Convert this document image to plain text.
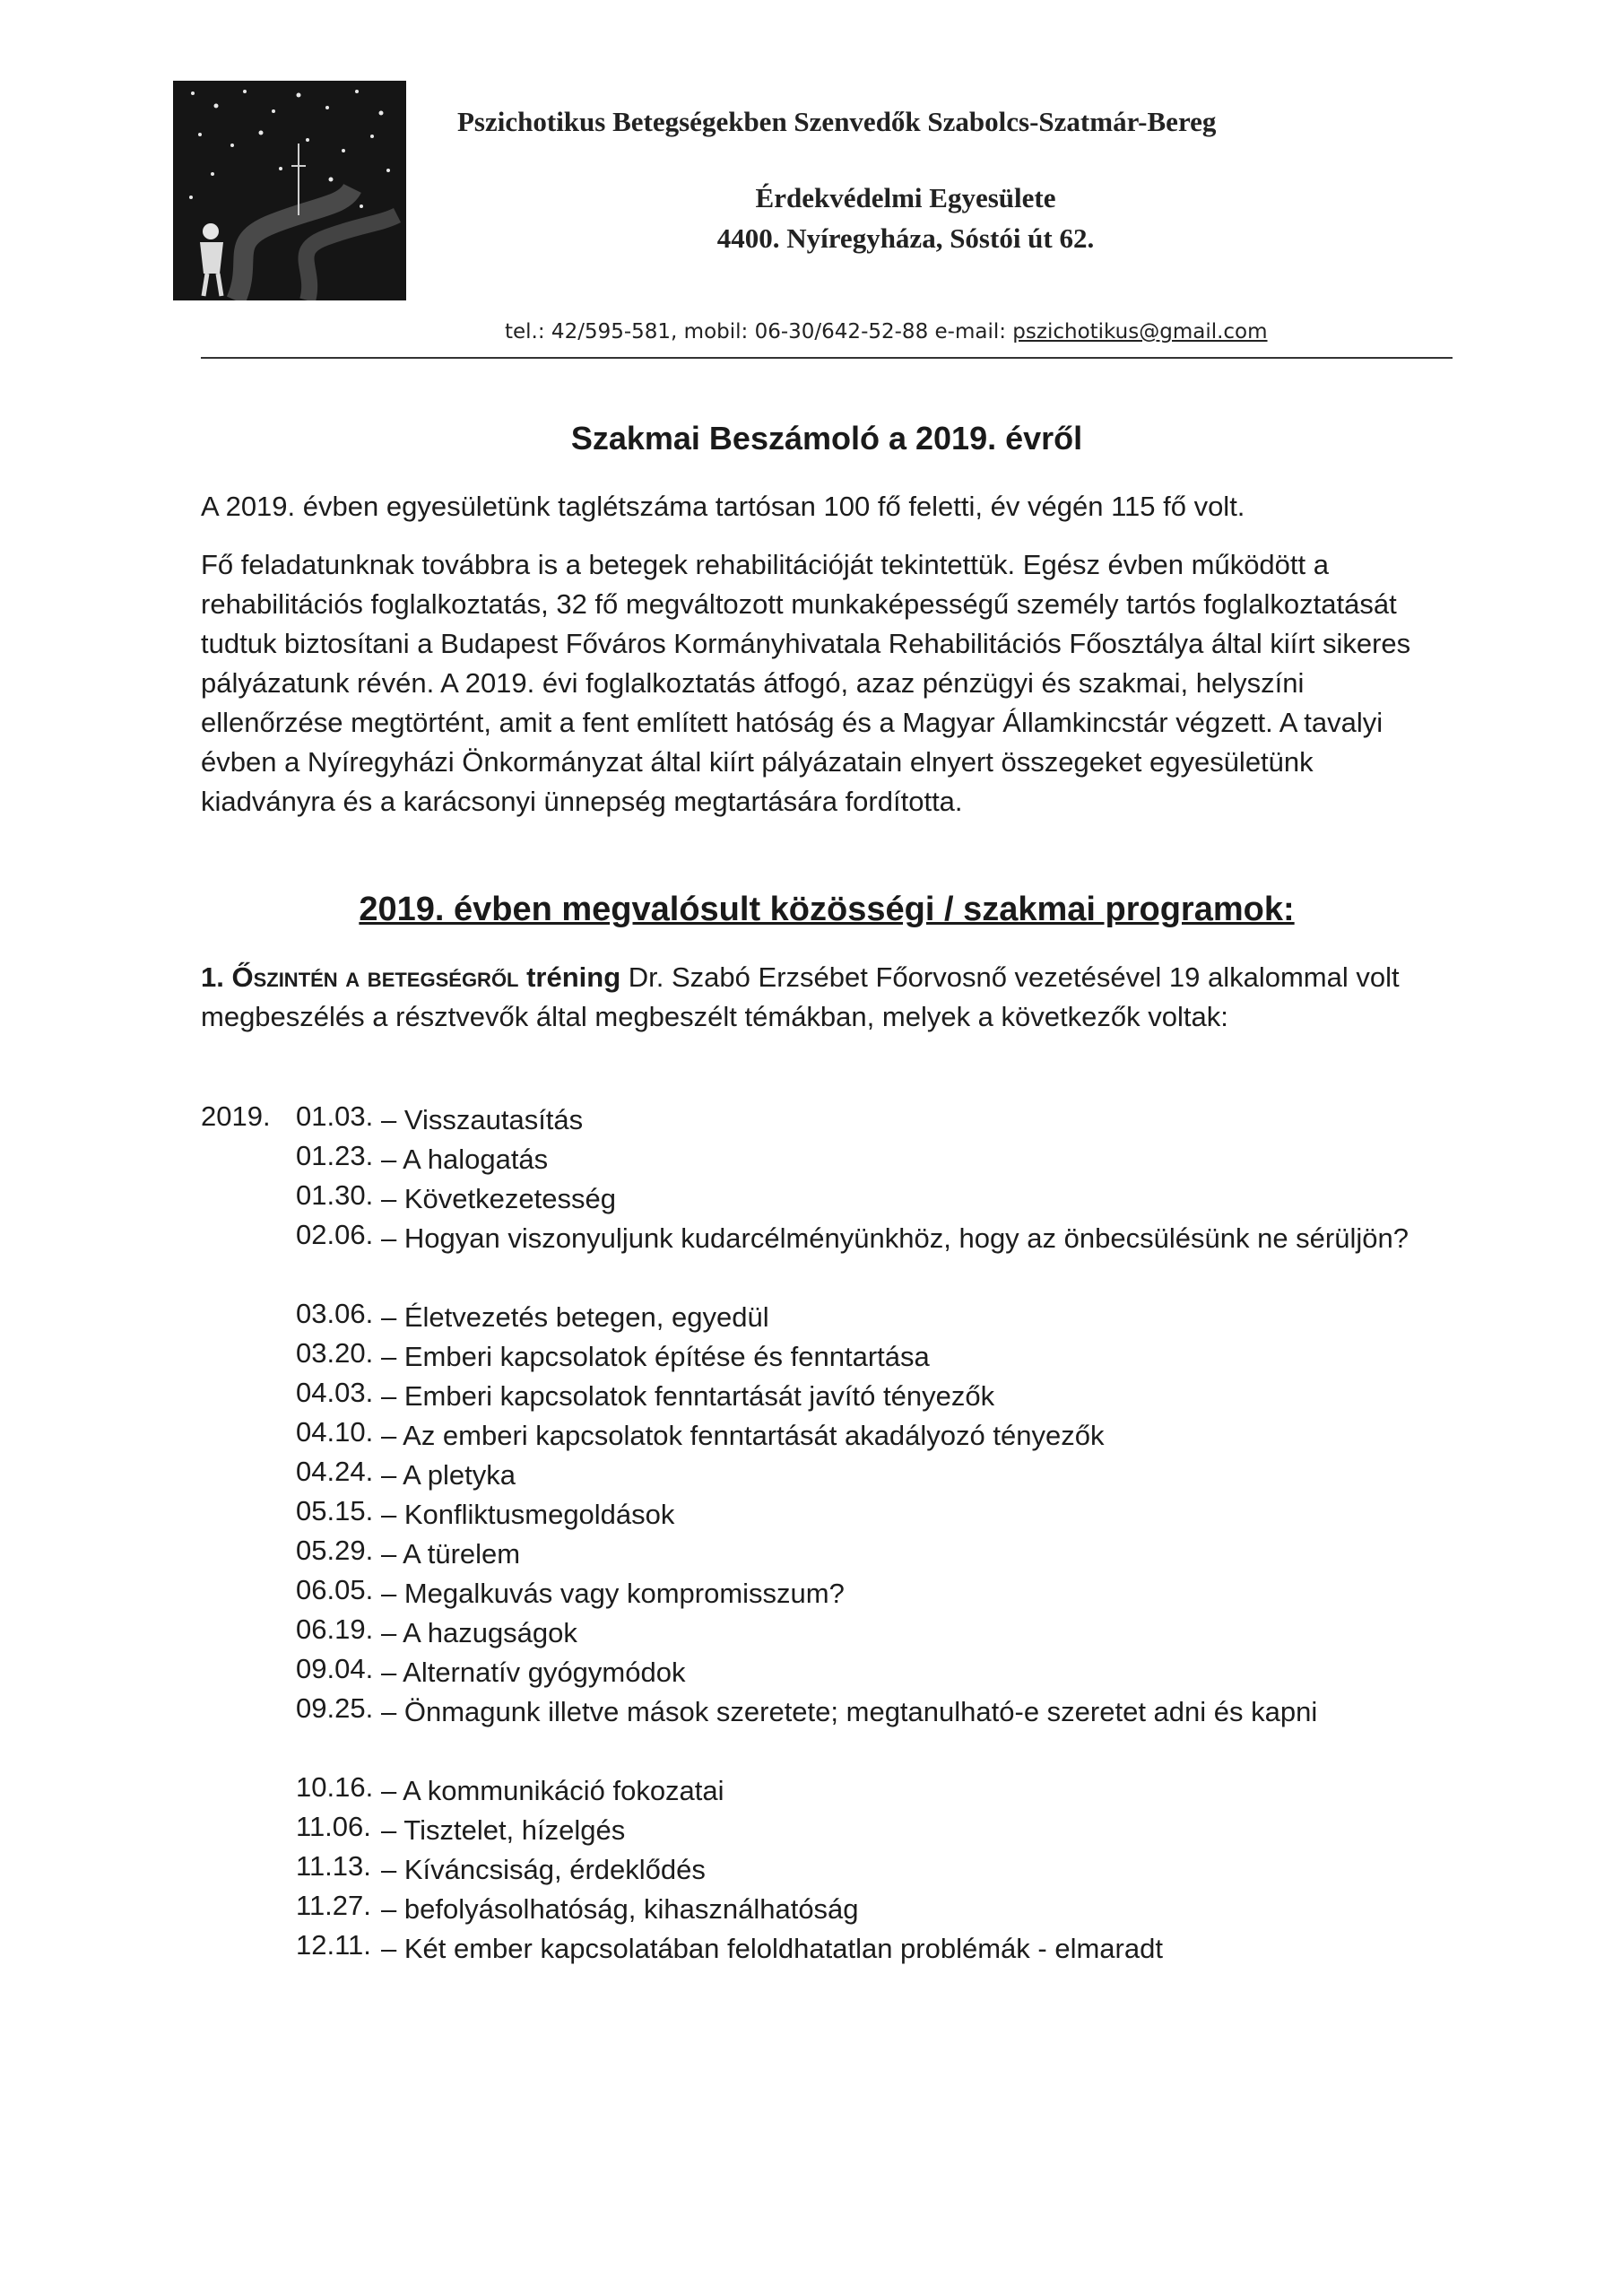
Pszichotikus Betegségekben Szenvedők Szabolcs-Szatmár-Bereg
Érdekvédelmi Egyesülete
4400. Nyíregyháza, Sóstói út 62.
tel.: 42/595-581, mobil: 06-30/642-52-88 e-mail: pszichotikus@gmail.com
Szakmai Beszámoló a 2019. évről
A 2019. évben egyesületünk taglétszáma tartósan 100 fő feletti, év végén 115 fő volt.
Fő feladatunknak továbbra is a betegek rehabilitációját tekintettük. Egész évben működött a rehabilitációs foglalkoztatás, 32 fő megváltozott munkaképességű személy tartós foglalkoztatását tudtuk biztosítani a Budapest Főváros Kormányhivatala Rehabilitációs Főosztálya által kiírt sikeres pályázatunk révén. A 2019. évi foglalkoztatás átfogó, azaz pénzügyi és szakmai, helyszíni ellenőrzése megtörtént, amit a fent említett hatóság és a Magyar Államkincstár végzett. A tavalyi évben a Nyíregyházi Önkormányzat által kiírt pályázatain elnyert összegeket egyesületünk kiadványra és a karácsonyi ünnepség megtartására fordította.
2019. évben megvalósult közösségi / szakmai programok:
1. Őszintén a betegségről tréning Dr. Szabó Erzsébet Főorvosnő vezetésével 19 alkalommal volt megbeszélés a résztvevők által megbeszélt témákban, melyek a következők voltak:
2019. 01.03. – Visszautasítás
01.23. – A halogatás
01.30. – Következetesség
02.06. – Hogyan viszonyuljunk kudarcélményünkhöz, hogy az önbecsülésünk ne sérüljön?
03.06. – Életvezetés betegen, egyedül
03.20. – Emberi kapcsolatok építése és fenntartása
04.03. – Emberi kapcsolatok fenntartását javító tényezők
04.10. – Az emberi kapcsolatok fenntartását akadályozó tényezők
04.24. – A pletyka
05.15. – Konfliktusmegoldások
05.29. – A türelem
06.05. – Megalkuvás vagy kompromisszum?
06.19. – A hazugságok
09.04. – Alternatív gyógymódok
09.25. – Önmagunk illetve mások szeretete; megtanulható-e szeretet adni és kapni
10.16. – A kommunikáció fokozatai
11.06. – Tisztelet, hízelgés
11.13. – Kíváncsiság, érdeklődés
11.27. – befolyásolhatóság, kihasználhatóság
12.11. – Két ember kapcsolatában feloldhatatlan problémák - elmaradt
